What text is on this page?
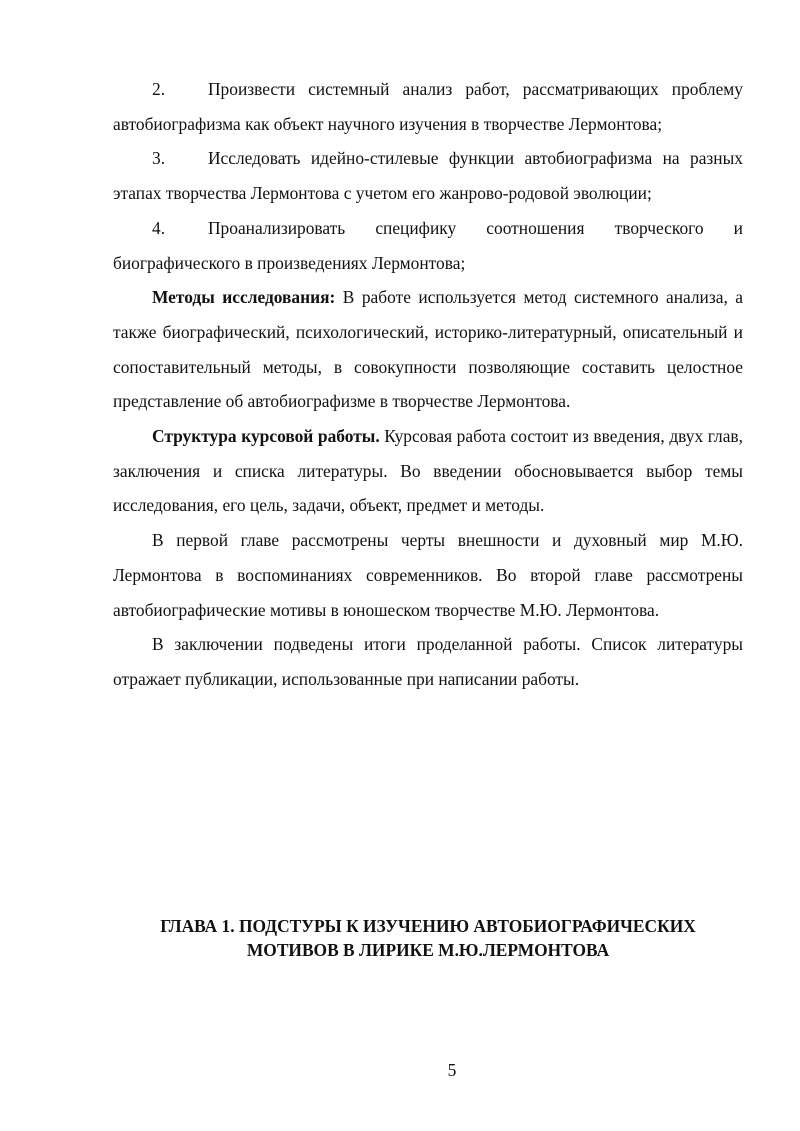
2. Произвести системный анализ работ, рассматривающих проблему автобиографизма как объект научного изучения в творчестве Лермонтова;

3. Исследовать идейно-стилевые функции автобиографизма на разных этапах творчества Лермонтова с учетом его жанрово-родовой эволюции;

4. Проанализировать специфику соотношения творческого и биографического в произведениях Лермонтова;

Методы исследования: В работе используется метод системного анализа, а также биографический, психологический, историко-литературный, описательный и сопоставительный методы, в совокупности позволяющие составить целостное представление об автобиографизме в творчестве Лермонтова.

Структура курсовой работы. Курсовая работа состоит из введения, двух глав, заключения и списка литературы. Во введении обосновывается выбор темы исследования, его цель, задачи, объект, предмет и методы.

В первой главе рассмотрены черты внешности и духовный мир М.Ю. Лермонтова в воспоминаниях современников. Во второй главе рассмотрены автобиографические мотивы в юношеском творчестве М.Ю. Лермонтова.

В заключении подведены итоги проделанной работы. Список литературы отражает публикации, использованные при написании работы.

ГЛАВА 1. ПОДСТУРЫ К ИЗУЧЕНИЮ АВТОБИОГРАФИЧЕСКИХ
МОТИВОВ В ЛИРИКЕ М.Ю.ЛЕРМОНТОВА
5
